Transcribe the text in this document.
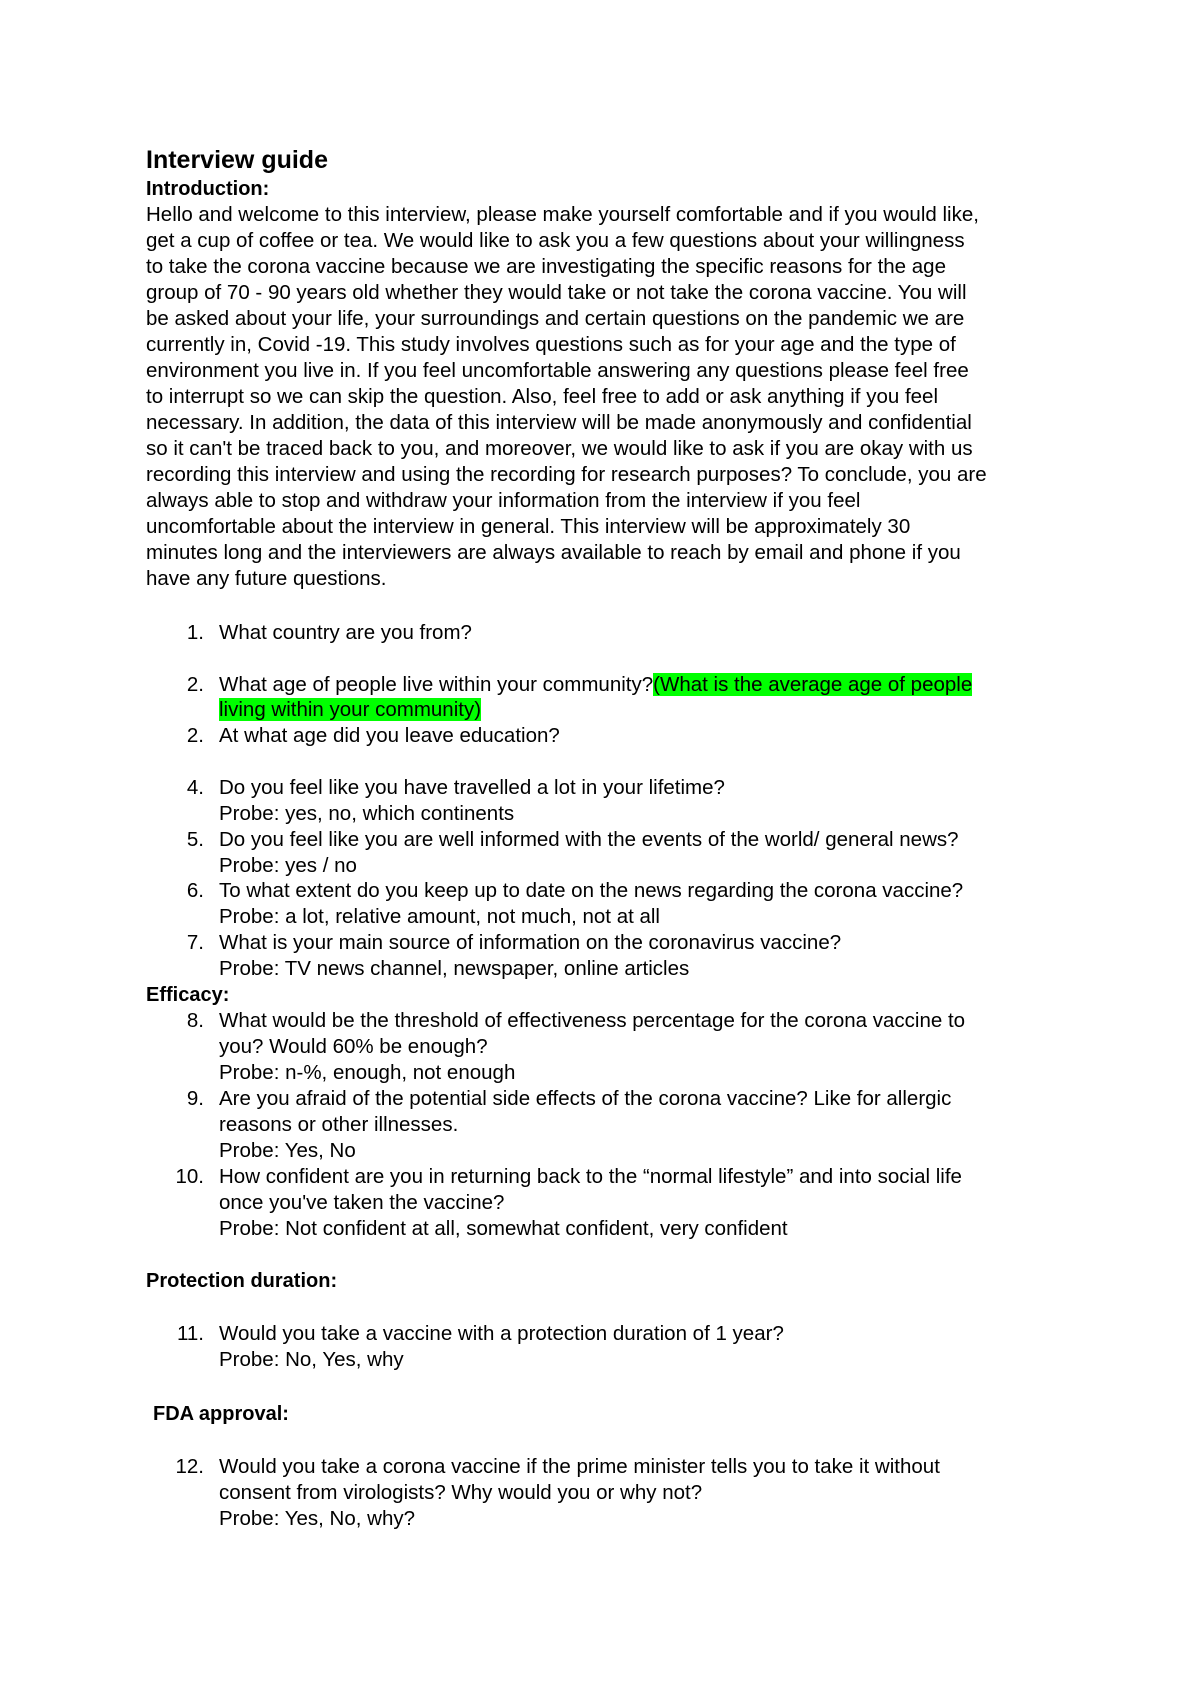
Interview guide
Introduction:
Hello and welcome to this interview, please make yourself comfortable and if you would like,
get a cup of coffee or tea. We would like to ask you a few questions about your willingness
to take the corona vaccine because we are investigating the specific reasons for the age
group of 70 - 90 years old whether they would take or not take the corona vaccine. You will
be asked about your life, your surroundings and certain questions on the pandemic we are
currently in, Covid -19. This study involves questions such as for your age and the type of
environment you live in. If you feel uncomfortable answering any questions please feel free
to interrupt so we can skip the question. Also, feel free to add or ask anything if you feel
necessary. In addition, the data of this interview will be made anonymously and confidential
so it can't be traced back to you, and moreover, we would like to ask if you are okay with us
recording this interview and using the recording for research purposes? To conclude, you are
always able to stop and withdraw your information from the interview if you feel
uncomfortable about the interview in general. This interview will be approximately 30
minutes long and the interviewers are always available to reach by email and phone if you
have any future questions.
1. What country are you from?
2. What age of people live within your community?(What is the average age of people
living within your community)
2. At what age did you leave education?
4. Do you feel like you have travelled a lot in your lifetime?
Probe: yes, no, which continents
5. Do you feel like you are well informed with the events of the world/ general news?
Probe: yes / no
6. To what extent do you keep up to date on the news regarding the corona vaccine?
Probe: a lot, relative amount, not much, not at all
7. What is your main source of information on the coronavirus vaccine?
Probe: TV news channel, newspaper, online articles
Efficacy:
8. What would be the threshold of effectiveness percentage for the corona vaccine to
you? Would 60% be enough?
Probe: n-%, enough, not enough
9. Are you afraid of the potential side effects of the corona vaccine? Like for allergic
reasons or other illnesses.
Probe: Yes, No
10. How confident are you in returning back to the “normal lifestyle” and into social life
once you've taken the vaccine?
Probe: Not confident at all, somewhat confident, very confident
Protection duration:
11. Would you take a vaccine with a protection duration of 1 year?
Probe: No, Yes, why
FDA approval:
12. Would you take a corona vaccine if the prime minister tells you to take it without
consent from virologists? Why would you or why not?
Probe: Yes, No, why?
